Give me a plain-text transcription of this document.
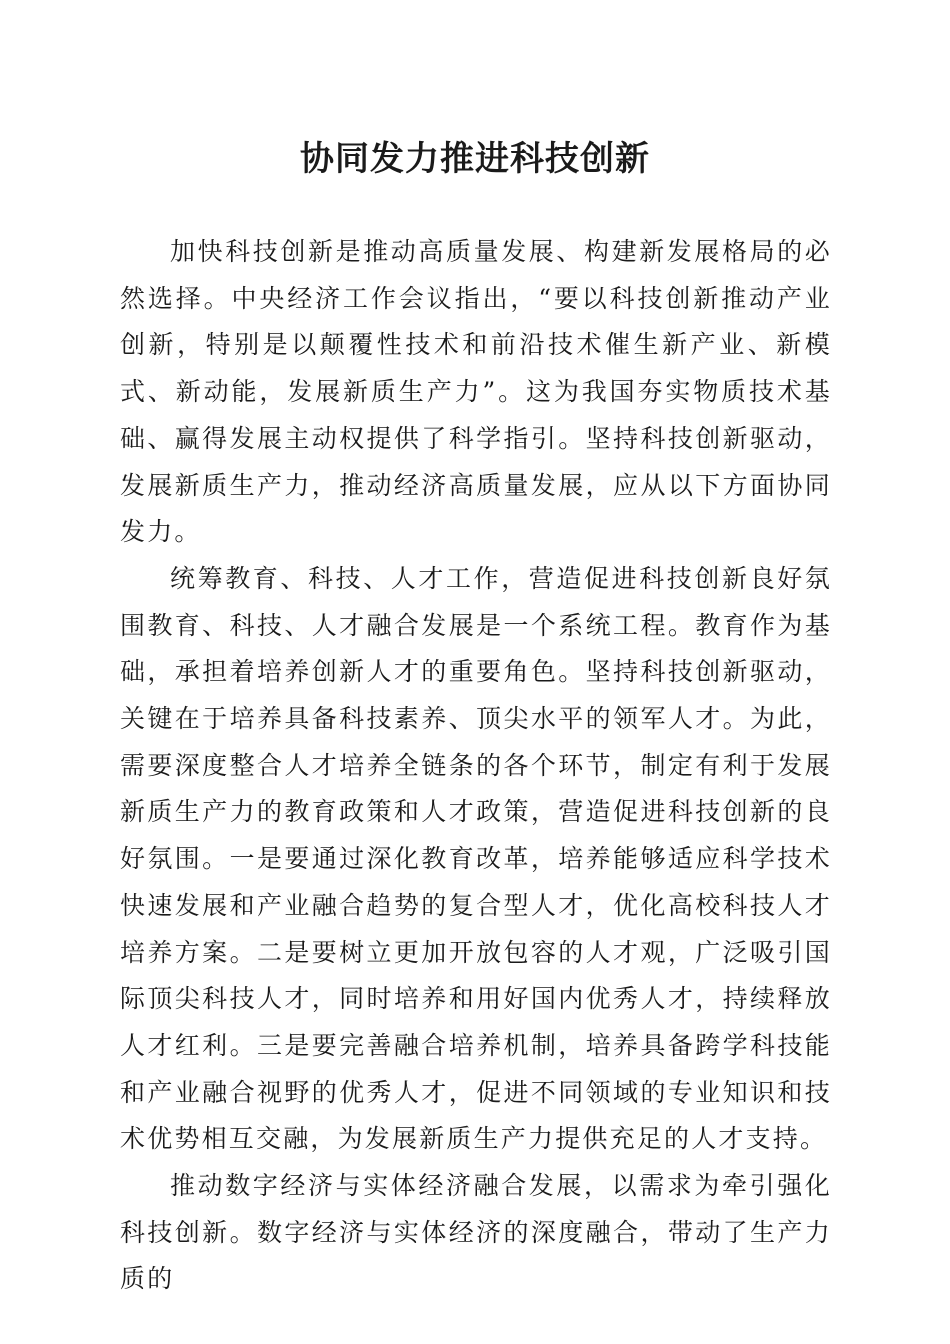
协同发力推进科技创新

加快科技创新是推动高质量发展、构建新发展格局的必然选择。中央经济工作会议指出，“要以科技创新推动产业创新，特别是以颠覆性技术和前沿技术催生新产业、新模式、新动能，发展新质生产力”。这为我国夯实物质技术基础、赢得发展主动权提供了科学指引。坚持科技创新驱动，发展新质生产力，推动经济高质量发展，应从以下方面协同发力。

统筹教育、科技、人才工作，营造促进科技创新良好氛围教育、科技、人才融合发展是一个系统工程。教育作为基础，承担着培养创新人才的重要角色。坚持科技创新驱动，关键在于培养具备科技素养、顶尖水平的领军人才。为此，需要深度整合人才培养全链条的各个环节，制定有利于发展新质生产力的教育政策和人才政策，营造促进科技创新的良好氛围。一是要通过深化教育改革，培养能够适应科学技术快速发展和产业融合趋势的复合型人才，优化高校科技人才培养方案。二是要树立更加开放包容的人才观，广泛吸引国际顶尖科技人才，同时培养和用好国内优秀人才，持续释放人才红利。三是要完善融合培养机制，培养具备跨学科技能和产业融合视野的优秀人才，促进不同领域的专业知识和技术优势相互交融，为发展新质生产力提供充足的人才支持。

推动数字经济与实体经济融合发展，以需求为牵引强化科技创新。数字经济与实体经济的深度融合，带动了生产力质的
